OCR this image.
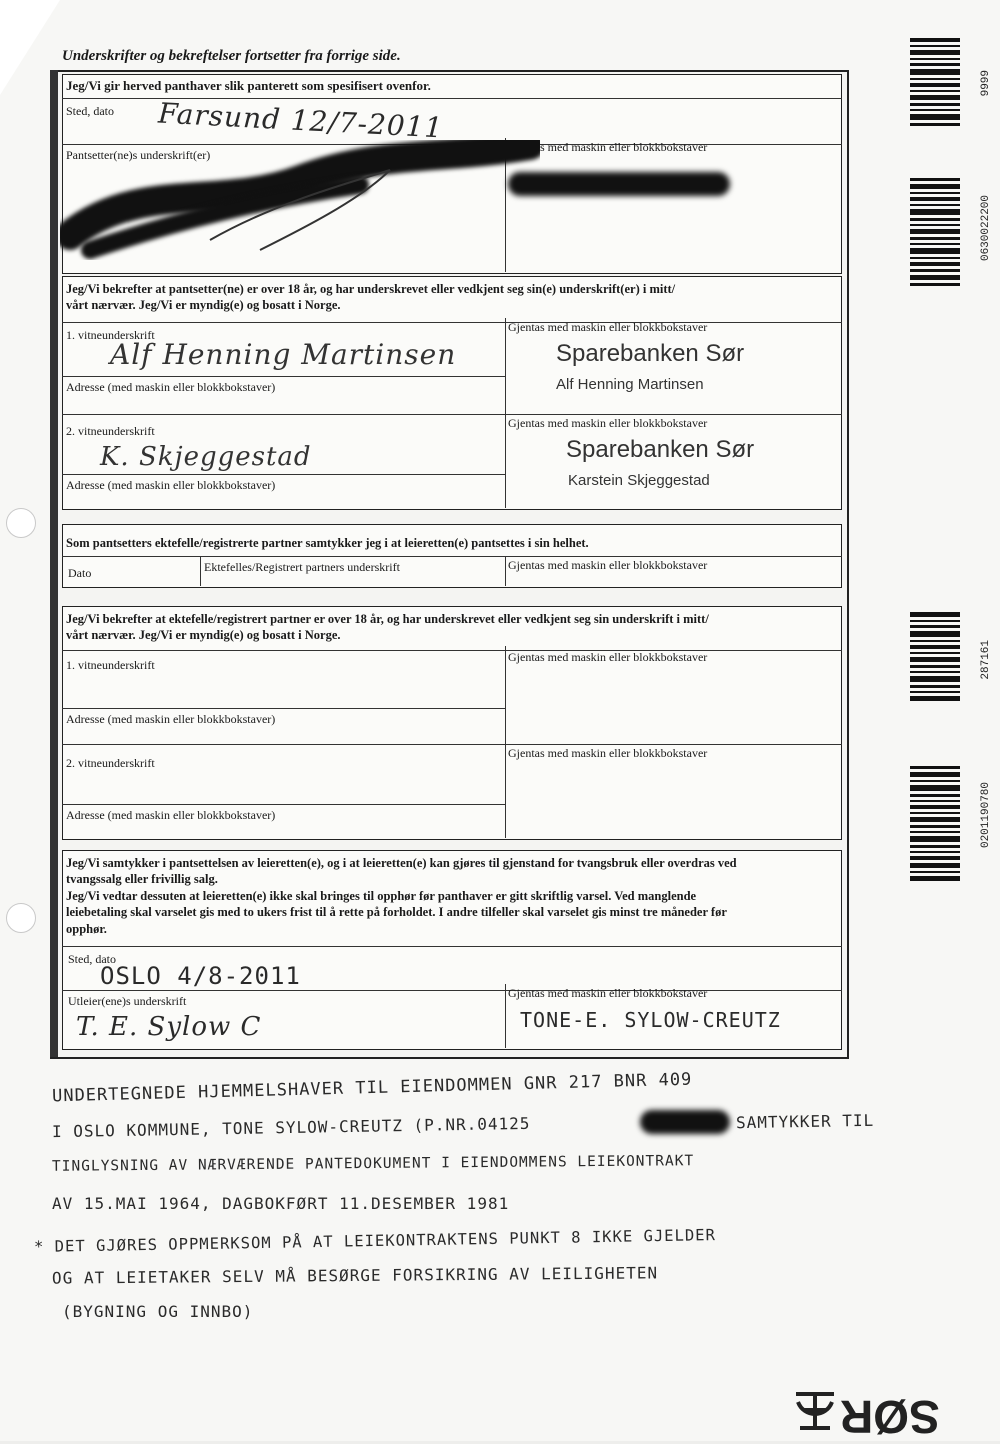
Underskrifter og bekreftelser fortsetter fra forrige side.
Jeg/Vi gir herved panthaver slik panterett som spesifisert ovenfor.
Sted, dato Farsund 12/7-2011
Pantsetter(ne)s underskrift(er)
Gjentas med maskin eller blokkbokstaver
Jeg/Vi bekrefter at pantsetter(ne) er over 18 år, og har underskrevet eller vedkjent seg sin(e) underskrift(er) i mitt/
vårt nærvær. Jeg/Vi er myndig(e) og bosatt i Norge.
1. vitneunderskrift
Gjentas med maskin eller blokkbokstaver
Alf Henning Martinsen	Sparebanken Sør
Alf Henning Martinsen
Adresse (med maskin eller blokkbokstaver)
2. vitneunderskrift
Gjentas med maskin eller blokkbokstaver
K. Skjeggestad	Sparebanken Sør
Karstein Skjeggestad
Adresse (med maskin eller blokkbokstaver)
Som pantsetters ektefelle/registrerte partner samtykker jeg i at leieretten(e) pantsettes i sin helhet.
Dato	Ektefelles/Registrert partners underskrift	Gjentas med maskin eller blokkbokstaver
Jeg/Vi bekrefter at ektefelle/registrert partner er over 18 år, og har underskrevet eller vedkjent seg sin underskrift i mitt/
vårt nærvær. Jeg/Vi er myndig(e) og bosatt i Norge.
1. vitneunderskrift
Gjentas med maskin eller blokkbokstaver
Adresse (med maskin eller blokkbokstaver)
2. vitneunderskrift
Gjentas med maskin eller blokkbokstaver
Adresse (med maskin eller blokkbokstaver)
Jeg/Vi samtykker i pantsettelsen av leieretten(e), og i at leieretten(e) kan gjøres til gjenstand for tvangsbruk eller overdras ved
tvangssalg eller frivillig salg.
Jeg/Vi vedtar dessuten at leieretten(e) ikke skal bringes til opphør før panthaver er gitt skriftlig varsel. Ved manglende
leiebetaling skal varselet gis med to ukers frist til å rette på forholdet. I andre tilfeller skal varselet gis minst tre måneder før
opphør.
Sted, dato
OSLO 4/8-2011
Utleier(ene)s underskrift
Gjentas med maskin eller blokkbokstaver
T. E. Sylow C	TONE-E. SYLOW-CREUTZ
UNDERTEGNEDE HJEMMELSHAVER TIL EIENDOMMEN GNR 217 BNR 409
I OSLO KOMMUNE, TONE SYLOW-CREUTZ (P.NR.04125	SAMTYKKER TIL
TINGLYSNING AV NÆRVÆRENDE PANTEDOKUMENT I EIENDOMMENS LEIEKONTRAKT
AV 15.MAI 1964, DAGBOKFØRT 11.DESEMBER 1981
* DET GJØRES OPPMERKSOM PÅ AT LEIEKONTRAKTENS PUNKT 8 IKKE GJELDER
OG AT LEIETAKER SELV MÅ BESØRGE FORSIKRING AV LEILIGHETEN
(BYGNING OG INNBO)
9999
0630022200
287161
0201190780
SØR
